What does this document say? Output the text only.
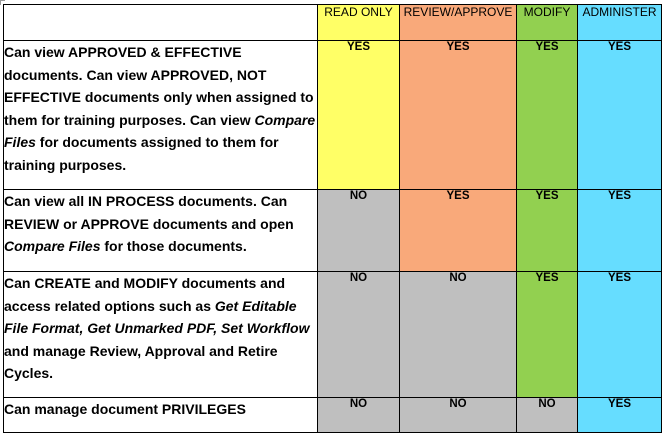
	READ ONLY	REVIEW/APPROVE	MODIFY	ADMINISTER
Can view APPROVED & EFFECTIVE documents. Can view APPROVED, NOT EFFECTIVE documents only when assigned to them for training purposes. Can view Compare Files for documents assigned to them for training purposes.	YES	YES	YES	YES
Can view all IN PROCESS documents. Can REVIEW or APPROVE documents and open Compare Files for those documents.	NO	YES	YES	YES
Can CREATE and MODIFY documents and access related options such as Get Editable File Format, Get Unmarked PDF, Set Workflow and manage Review, Approval and Retire Cycles.	NO	NO	YES	YES
Can manage document PRIVILEGES	NO	NO	NO	YES
